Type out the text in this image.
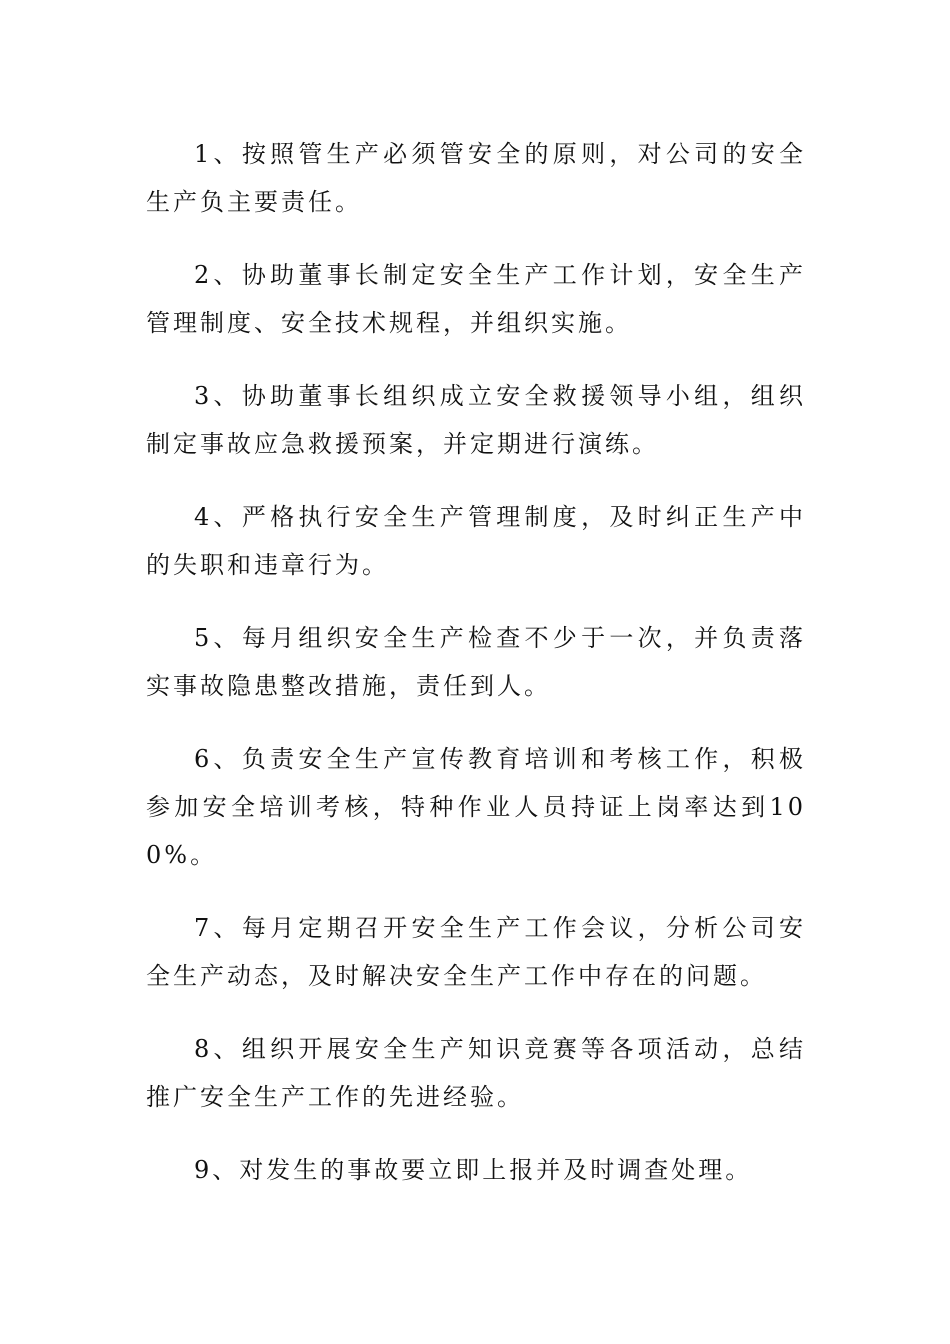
1、按照管生产必须管安全的原则，对公司的安全生产负主要责任。

2、协助董事长制定安全生产工作计划，安全生产管理制度、安全技术规程，并组织实施。

3、协助董事长组织成立安全救援领导小组，组织制定事故应急救援预案，并定期进行演练。

4、严格执行安全生产管理制度，及时纠正生产中的失职和违章行为。

5、每月组织安全生产检查不少于一次，并负责落实事故隐患整改措施，责任到人。

6、负责安全生产宣传教育培训和考核工作，积极参加安全培训考核，特种作业人员持证上岗率达到100%。

7、每月定期召开安全生产工作会议，分析公司安全生产动态，及时解决安全生产工作中存在的问题。

8、组织开展安全生产知识竞赛等各项活动，总结推广安全生产工作的先进经验。

9、对发生的事故要立即上报并及时调查处理。
